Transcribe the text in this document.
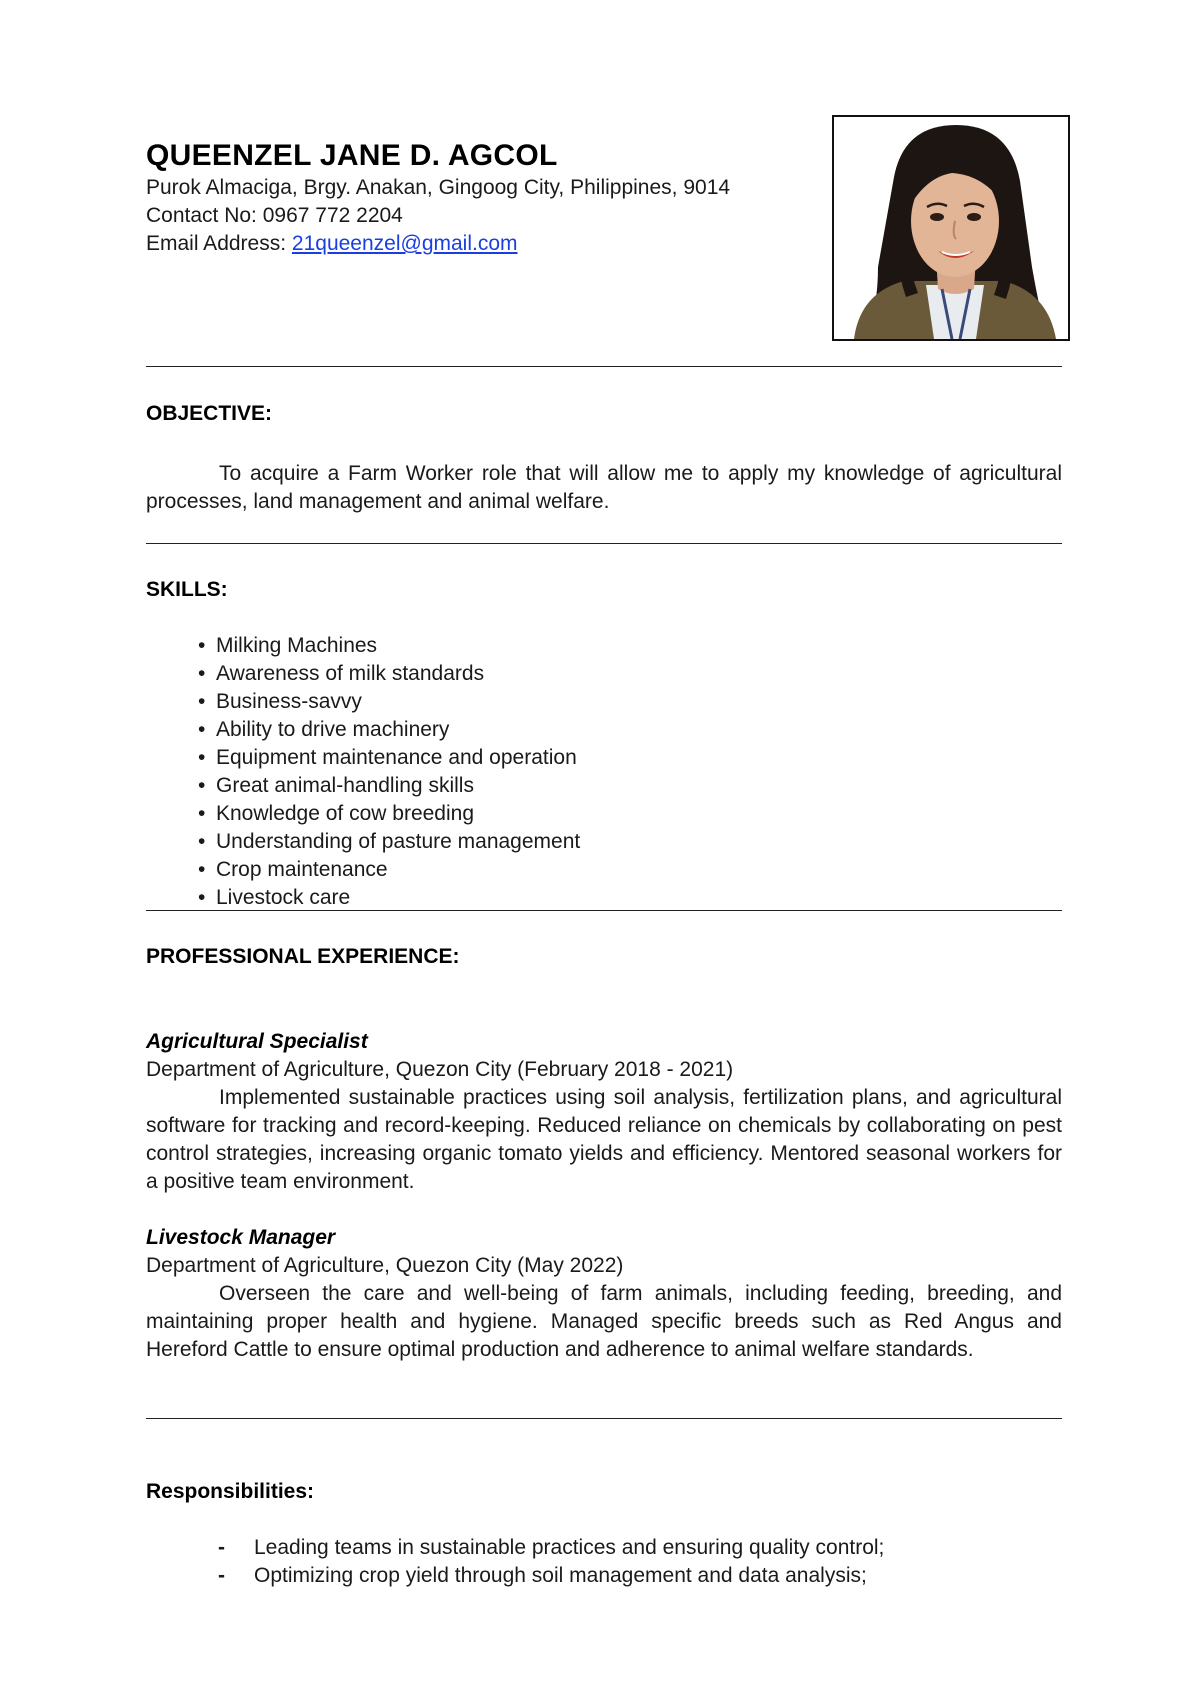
QUEENZEL JANE D. AGCOL
Purok Almaciga, Brgy. Anakan, Gingoog City, Philippines, 9014
Contact No: 0967 772 2204
Email Address: 21queenzel@gmail.com
OBJECTIVE:
To acquire a Farm Worker role that will allow me to apply my knowledge of agricultural processes, land management and animal welfare.
SKILLS:
• Milking Machines
• Awareness of milk standards
• Business-savvy
• Ability to drive machinery
• Equipment maintenance and operation
• Great animal-handling skills
• Knowledge of cow breeding
• Understanding of pasture management
• Crop maintenance
• Livestock care
PROFESSIONAL EXPERIENCE:
Agricultural Specialist
Department of Agriculture, Quezon City (February 2018 - 2021)
Implemented sustainable practices using soil analysis, fertilization plans, and agricultural software for tracking and record-keeping. Reduced reliance on chemicals by collaborating on pest control strategies, increasing organic tomato yields and efficiency. Mentored seasonal workers for a positive team environment.
Livestock Manager
Department of Agriculture, Quezon City (May 2022)
Overseen the care and well-being of farm animals, including feeding, breeding, and maintaining proper health and hygiene. Managed specific breeds such as Red Angus and Hereford Cattle to ensure optimal production and adherence to animal welfare standards.
Responsibilities:
- Leading teams in sustainable practices and ensuring quality control;
- Optimizing crop yield through soil management and data analysis;
